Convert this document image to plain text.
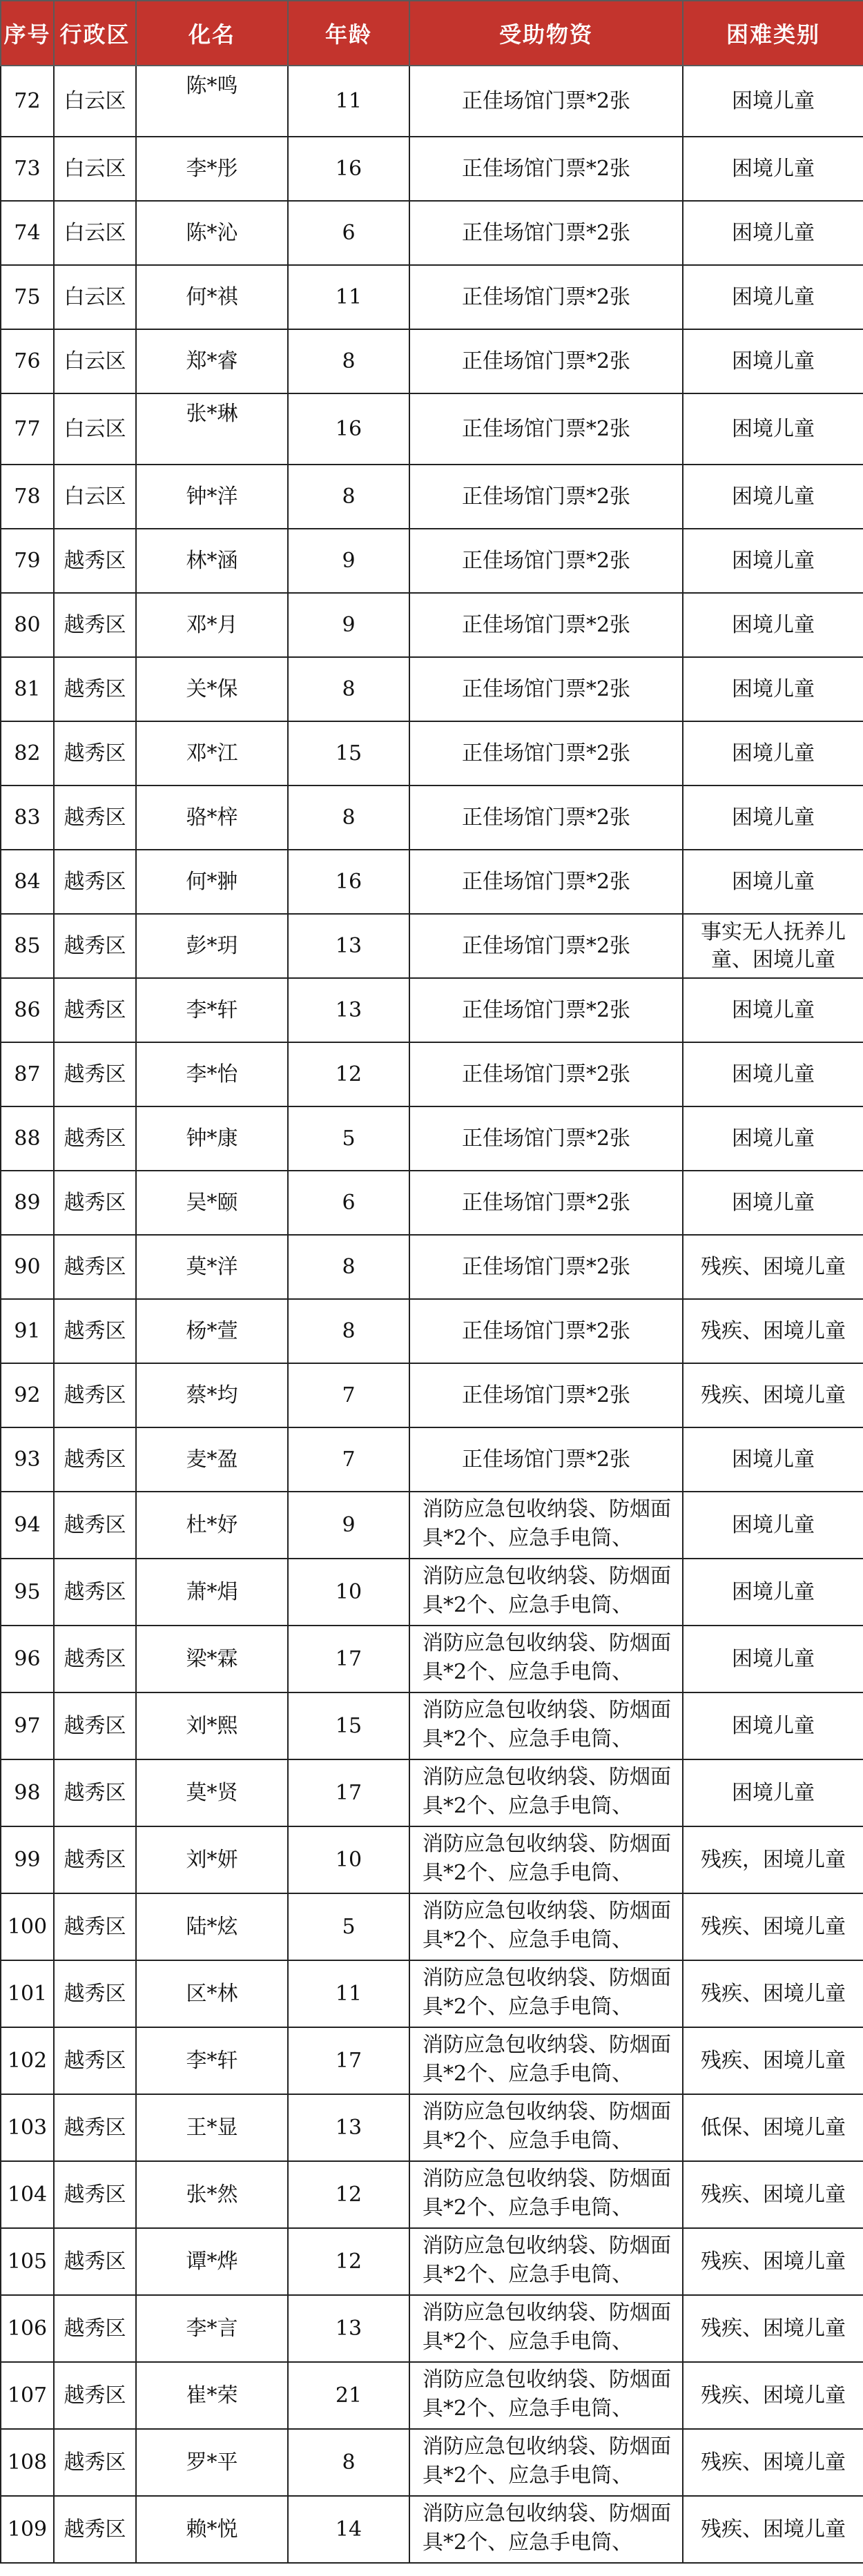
序号	行政区	化名	年龄	受助物资	困难类别
72	白云区	陈*鸣	11	正佳场馆门票*2张	困境儿童
73	白云区	李*彤	16	正佳场馆门票*2张	困境儿童
74	白云区	陈*沁	6	正佳场馆门票*2张	困境儿童
75	白云区	何*祺	11	正佳场馆门票*2张	困境儿童
76	白云区	郑*睿	8	正佳场馆门票*2张	困境儿童
77	白云区	张*琳	16	正佳场馆门票*2张	困境儿童
78	白云区	钟*洋	8	正佳场馆门票*2张	困境儿童
79	越秀区	林*涵	9	正佳场馆门票*2张	困境儿童
80	越秀区	邓*月	9	正佳场馆门票*2张	困境儿童
81	越秀区	关*保	8	正佳场馆门票*2张	困境儿童
82	越秀区	邓*江	15	正佳场馆门票*2张	困境儿童
83	越秀区	骆*梓	8	正佳场馆门票*2张	困境儿童
84	越秀区	何*翀	16	正佳场馆门票*2张	困境儿童
85	越秀区	彭*玥	13	正佳场馆门票*2张	事实无人抚养儿童、困境儿童
86	越秀区	李*轩	13	正佳场馆门票*2张	困境儿童
87	越秀区	李*怡	12	正佳场馆门票*2张	困境儿童
88	越秀区	钟*康	5	正佳场馆门票*2张	困境儿童
89	越秀区	吴*颐	6	正佳场馆门票*2张	困境儿童
90	越秀区	莫*洋	8	正佳场馆门票*2张	残疾、困境儿童
91	越秀区	杨*萱	8	正佳场馆门票*2张	残疾、困境儿童
92	越秀区	蔡*均	7	正佳场馆门票*2张	残疾、困境儿童
93	越秀区	麦*盈	7	正佳场馆门票*2张	困境儿童
94	越秀区	杜*妤	9	消防应急包收纳袋、防烟面具*2个、应急手电筒、	困境儿童
95	越秀区	萧*焆	10	消防应急包收纳袋、防烟面具*2个、应急手电筒、	困境儿童
96	越秀区	梁*霖	17	消防应急包收纳袋、防烟面具*2个、应急手电筒、	困境儿童
97	越秀区	刘*熙	15	消防应急包收纳袋、防烟面具*2个、应急手电筒、	困境儿童
98	越秀区	莫*贤	17	消防应急包收纳袋、防烟面具*2个、应急手电筒、	困境儿童
99	越秀区	刘*妍	10	消防应急包收纳袋、防烟面具*2个、应急手电筒、	残疾，困境儿童
100	越秀区	陆*炫	5	消防应急包收纳袋、防烟面具*2个、应急手电筒、	残疾、困境儿童
101	越秀区	区*林	11	消防应急包收纳袋、防烟面具*2个、应急手电筒、	残疾、困境儿童
102	越秀区	李*轩	17	消防应急包收纳袋、防烟面具*2个、应急手电筒、	残疾、困境儿童
103	越秀区	王*显	13	消防应急包收纳袋、防烟面具*2个、应急手电筒、	低保、困境儿童
104	越秀区	张*然	12	消防应急包收纳袋、防烟面具*2个、应急手电筒、	残疾、困境儿童
105	越秀区	谭*烨	12	消防应急包收纳袋、防烟面具*2个、应急手电筒、	残疾、困境儿童
106	越秀区	李*言	13	消防应急包收纳袋、防烟面具*2个、应急手电筒、	残疾、困境儿童
107	越秀区	崔*荣	21	消防应急包收纳袋、防烟面具*2个、应急手电筒、	残疾、困境儿童
108	越秀区	罗*平	8	消防应急包收纳袋、防烟面具*2个、应急手电筒、	残疾、困境儿童
109	越秀区	赖*悦	14	消防应急包收纳袋、防烟面具*2个、应急手电筒、	残疾、困境儿童
